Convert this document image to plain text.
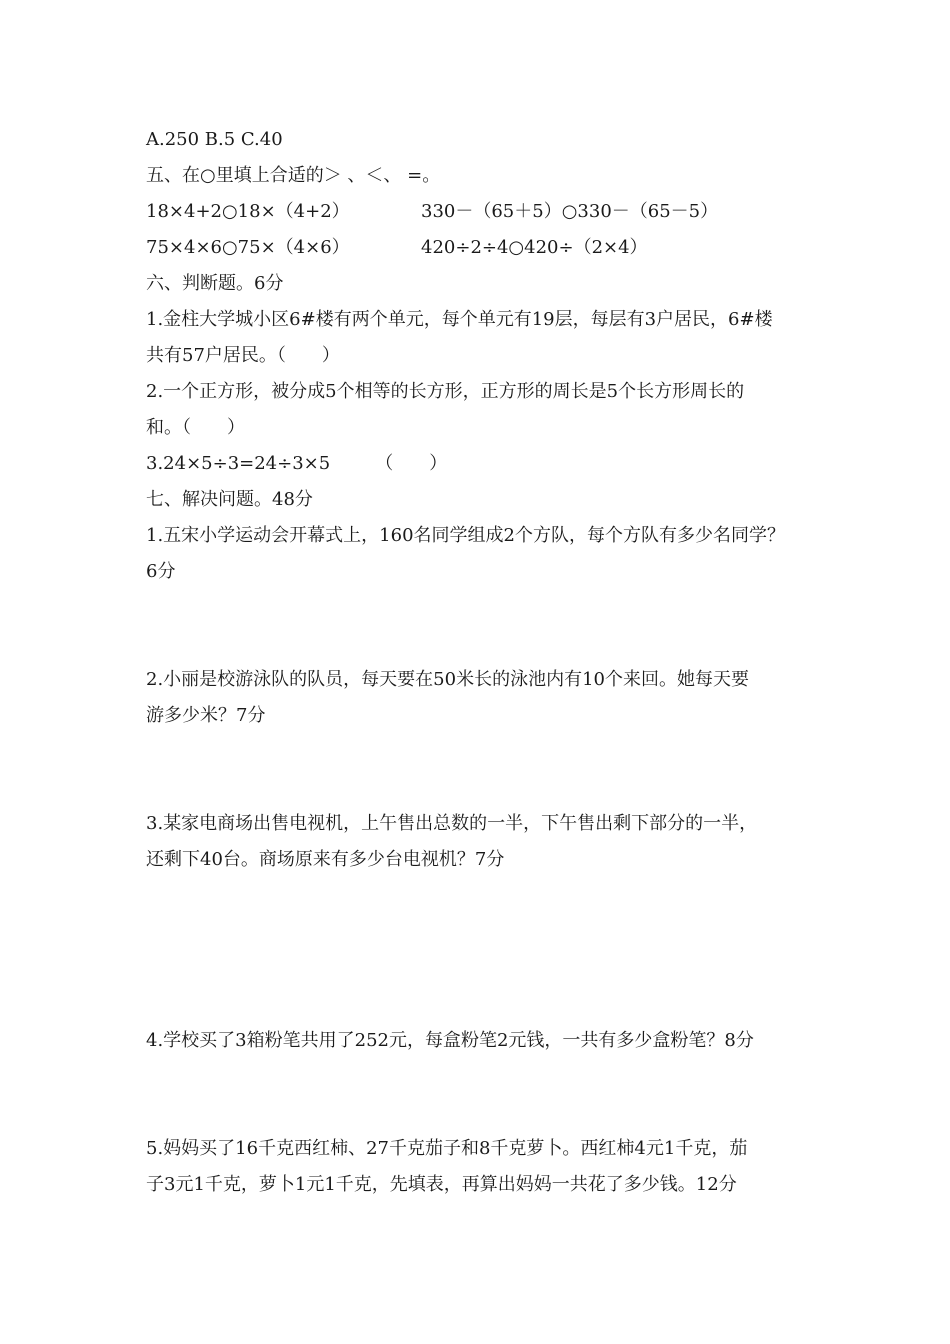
A.250 B.5 C.40
五、在○里填上合适的＞ 、＜、 =。
18×4+2○18×（4+2）	330－（65＋5）○330－（65－5）
75×4×6○75×（4×6）	420÷2÷4○420÷（2×4）
六、判断题。6分
1.金柱大学城小区6#楼有两个单元，每个单元有19层，每层有3户居民，6#楼
共有57户居民。（　　）
2.一个正方形，被分成5个相等的长方形，正方形的周长是5个长方形周长的
和。（　　）
3.24×5÷3=24÷3×5　　　（　　）
七、解决问题。48分
1.五宋小学运动会开幕式上，160名同学组成2个方队，每个方队有多少名同学？
6分
2.小丽是校游泳队的队员，每天要在50米长的泳池内有10个来回。她每天要
游多少米？7分
3.某家电商场出售电视机，上午售出总数的一半，下午售出剩下部分的一半，
还剩下40台。商场原来有多少台电视机？7分
4.学校买了3箱粉笔共用了252元，每盒粉笔2元钱，一共有多少盒粉笔？8分
5.妈妈买了16千克西红柿、27千克茄子和8千克萝卜。西红柿4元1千克，茄
子3元1千克，萝卜1元1千克，先填表，再算出妈妈一共花了多少钱。12分
